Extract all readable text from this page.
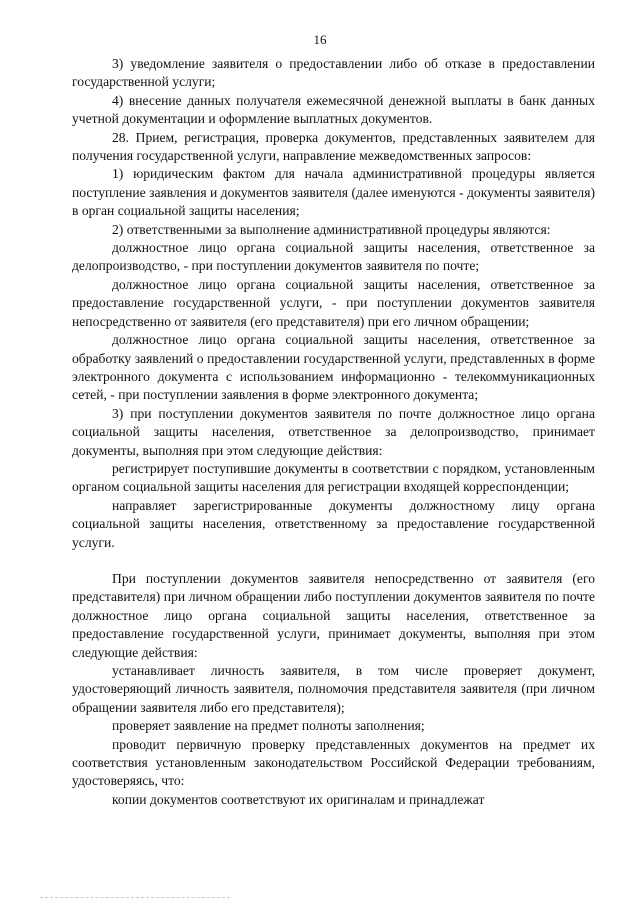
16

3) уведомление заявителя о предоставлении либо об отказе в предоставлении государственной услуги;

4) внесение данных получателя ежемесячной денежной выплаты в банк данных учетной документации и оформление выплатных документов.

28. Прием, регистрация, проверка документов, представленных заявителем для получения государственной услуги, направление межведомственных запросов:

1) юридическим фактом для начала административной процедуры является поступление заявления и документов заявителя (далее именуются - документы заявителя) в орган социальной защиты населения;

2) ответственными за выполнение административной процедуры являются:

должностное лицо органа социальной защиты населения, ответственное за делопроизводство, - при поступлении документов заявителя по почте;

должностное лицо органа социальной защиты населения, ответственное за предоставление государственной услуги, - при поступлении документов заявителя непосредственно от заявителя (его представителя) при его личном обращении;

должностное лицо органа социальной защиты населения, ответственное за обработку заявлений о предоставлении государственной услуги, представленных в форме электронного документа с использованием информационно - телекоммуникационных сетей, - при поступлении заявления в форме электронного документа;

3) при поступлении документов заявителя по почте должностное лицо органа социальной защиты населения, ответственное за делопроизводство, принимает документы, выполняя при этом следующие действия:

регистрирует поступившие документы в соответствии с порядком, установленным органом социальной защиты населения для регистрации входящей корреспонденции;

направляет зарегистрированные документы должностному лицу органа социальной защиты населения, ответственному за предоставление государственной услуги.

При поступлении документов заявителя непосредственно от заявителя (его представителя) при личном обращении либо поступлении документов заявителя по почте должностное лицо органа социальной защиты населения, ответственное за предоставление государственной услуги, принимает документы, выполняя при этом следующие действия:

устанавливает личность заявителя, в том числе проверяет документ, удостоверяющий личность заявителя, полномочия представителя заявителя (при личном обращении заявителя либо его представителя);

проверяет заявление на предмет полноты заполнения;

проводит первичную проверку представленных документов на предмет их соответствия установленным законодательством Российской Федерации требованиям, удостоверяясь, что:

копии документов соответствуют их оригиналам и принадлежат
